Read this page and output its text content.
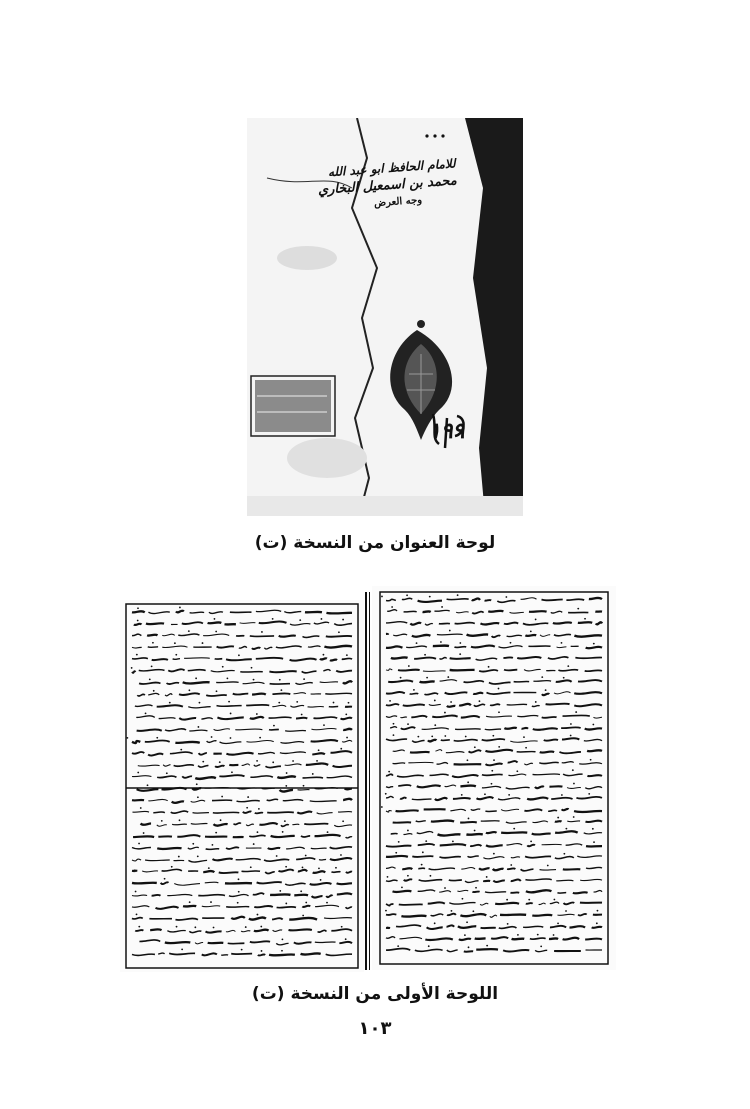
للامام الحافظ ابو عبد الله
محمد بن اسمعيل البخاري
وجه العرض
١٩٩
لوحة العنوان من النسخة (ت)
اللوحة الأولى من النسخة (ت)
١٠٣
